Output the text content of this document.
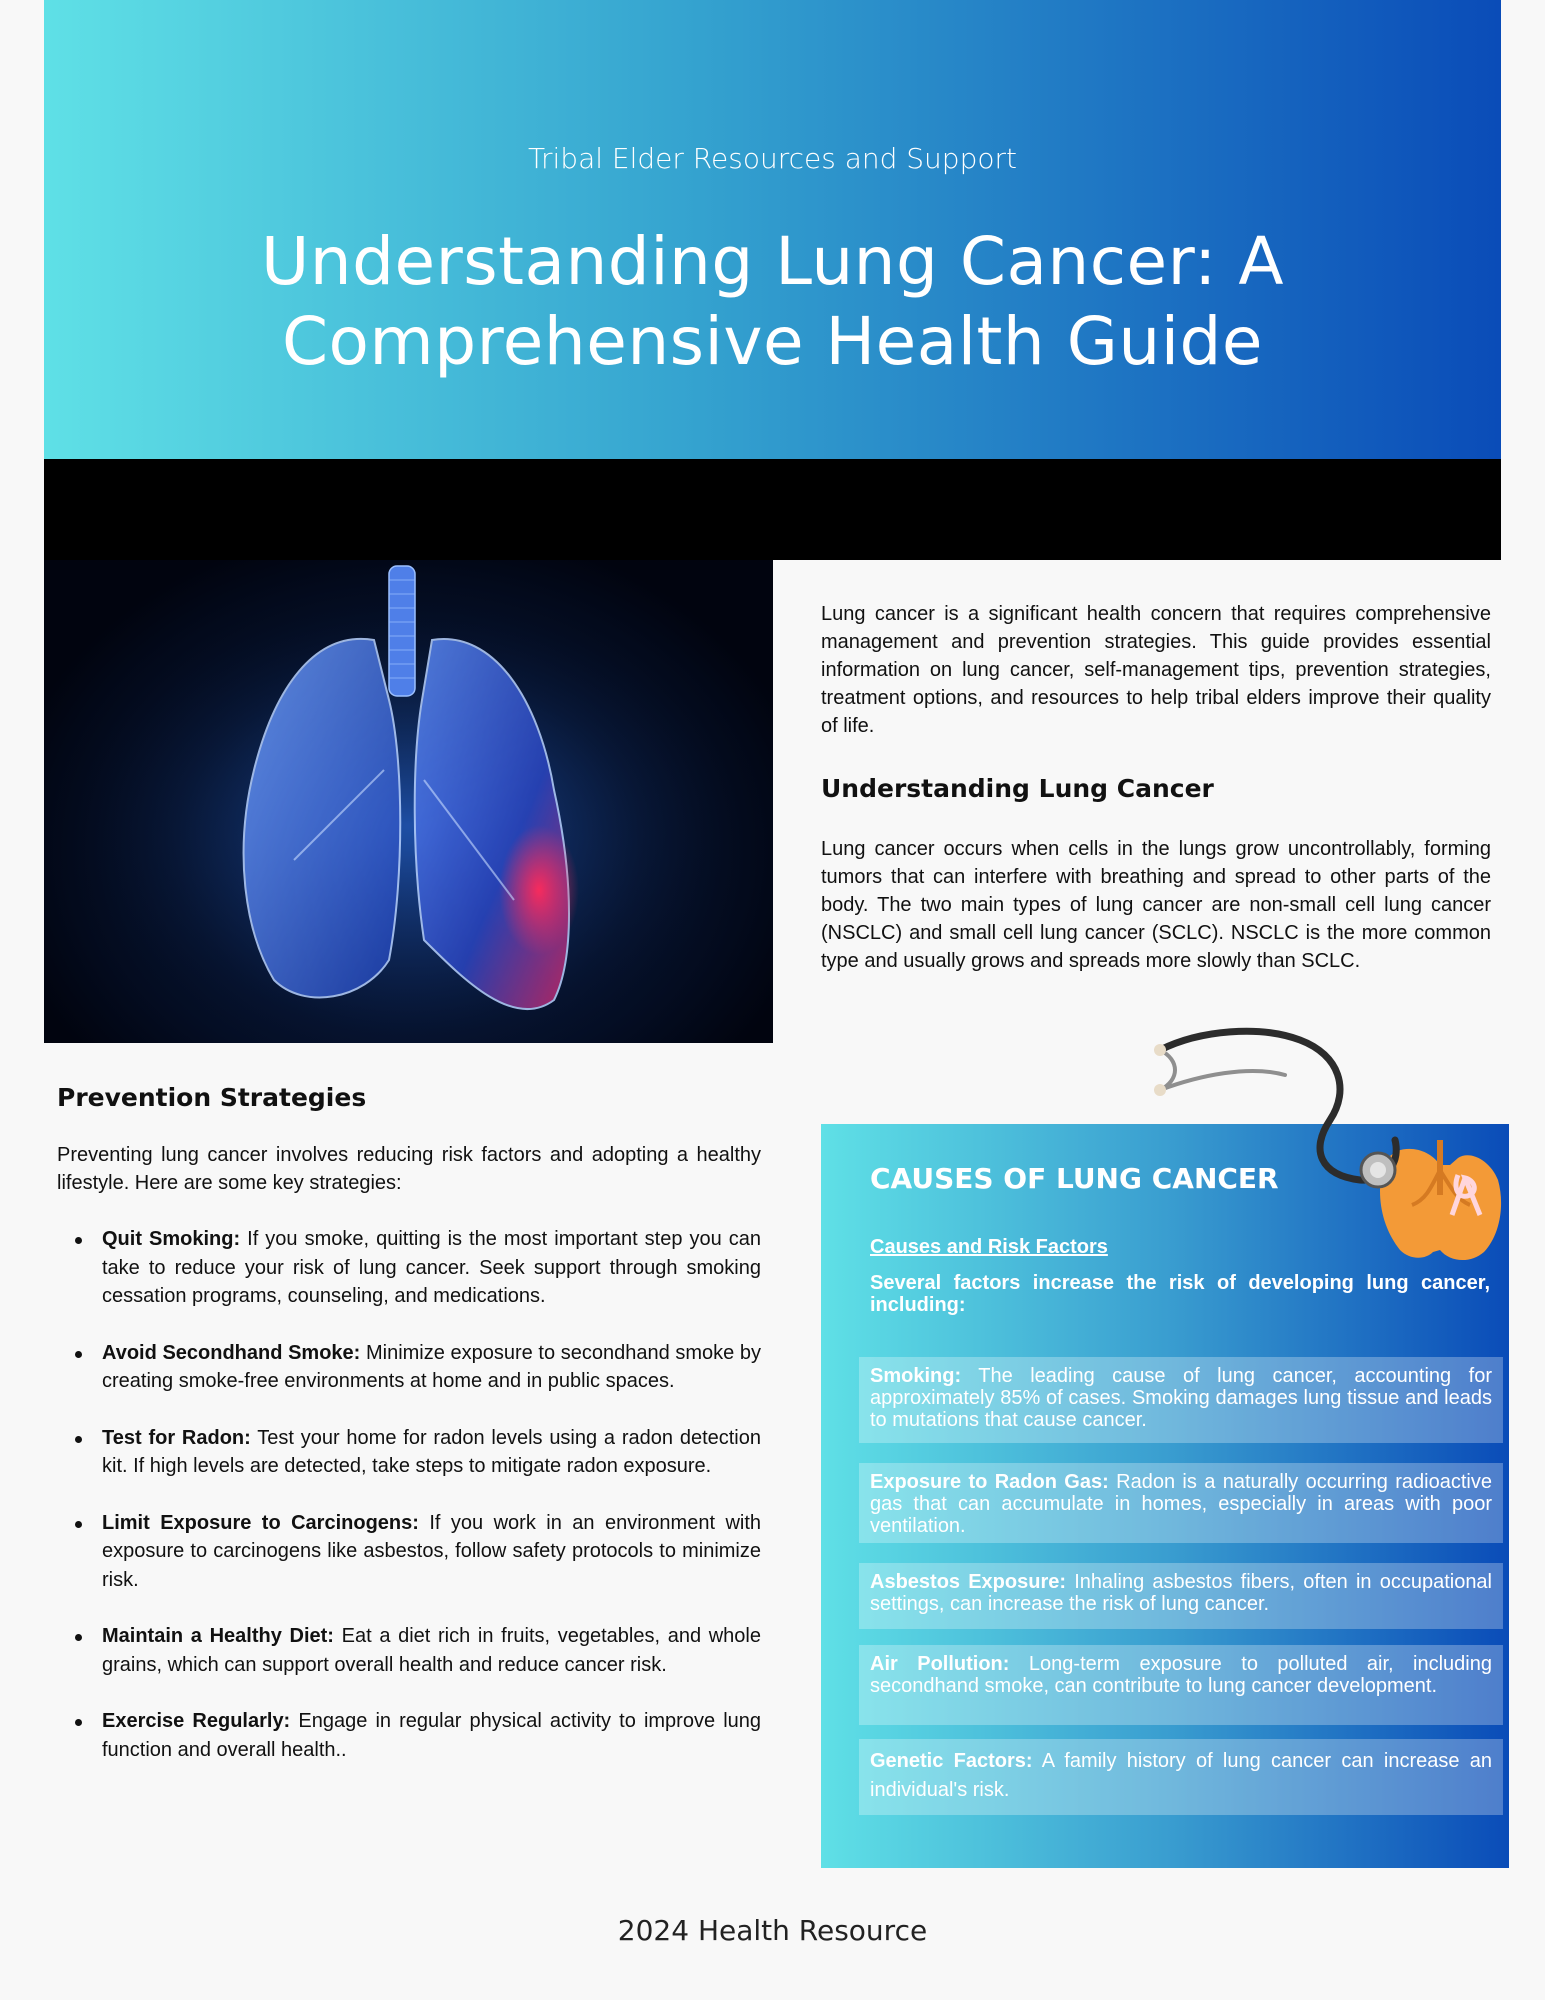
Tribal Elder Resources and Support
Understanding Lung Cancer: A Comprehensive Health Guide
Lung cancer is a significant health concern that requires comprehensive management and prevention strategies. This guide provides essential information on lung cancer, self-management tips, prevention strategies, treatment options, and resources to help tribal elders improve their quality of life.
Understanding Lung Cancer
Lung cancer occurs when cells in the lungs grow uncontrollably, forming tumors that can interfere with breathing and spread to other parts of the body. The two main types of lung cancer are non-small cell lung cancer (NSCLC) and small cell lung cancer (SCLC). NSCLC is the more common type and usually grows and spreads more slowly than SCLC.
Prevention Strategies
Preventing lung cancer involves reducing risk factors and adopting a healthy lifestyle. Here are some key strategies:
Quit Smoking: If you smoke, quitting is the most important step you can take to reduce your risk of lung cancer. Seek support through smoking cessation programs, counseling, and medications.
Avoid Secondhand Smoke: Minimize exposure to secondhand smoke by creating smoke-free environments at home and in public spaces.
Test for Radon: Test your home for radon levels using a radon detection kit. If high levels are detected, take steps to mitigate radon exposure.
Limit Exposure to Carcinogens: If you work in an environment with exposure to carcinogens like asbestos, follow safety protocols to minimize risk.
Maintain a Healthy Diet: Eat a diet rich in fruits, vegetables, and whole grains, which can support overall health and reduce cancer risk.
Exercise Regularly: Engage in regular physical activity to improve lung function and overall health..
CAUSES OF LUNG CANCER
Causes and Risk Factors
Several factors increase the risk of developing lung cancer, including:
Smoking: The leading cause of lung cancer, accounting for approximately 85% of cases. Smoking damages lung tissue and leads to mutations that cause cancer.
Exposure to Radon Gas: Radon is a naturally occurring radioactive gas that can accumulate in homes, especially in areas with poor ventilation.
Asbestos Exposure: Inhaling asbestos fibers, often in occupational settings, can increase the risk of lung cancer.
Air Pollution: Long-term exposure to polluted air, including secondhand smoke, can contribute to lung cancer development.
Genetic Factors: A family history of lung cancer can increase an individual's risk.
2024 Health Resource
